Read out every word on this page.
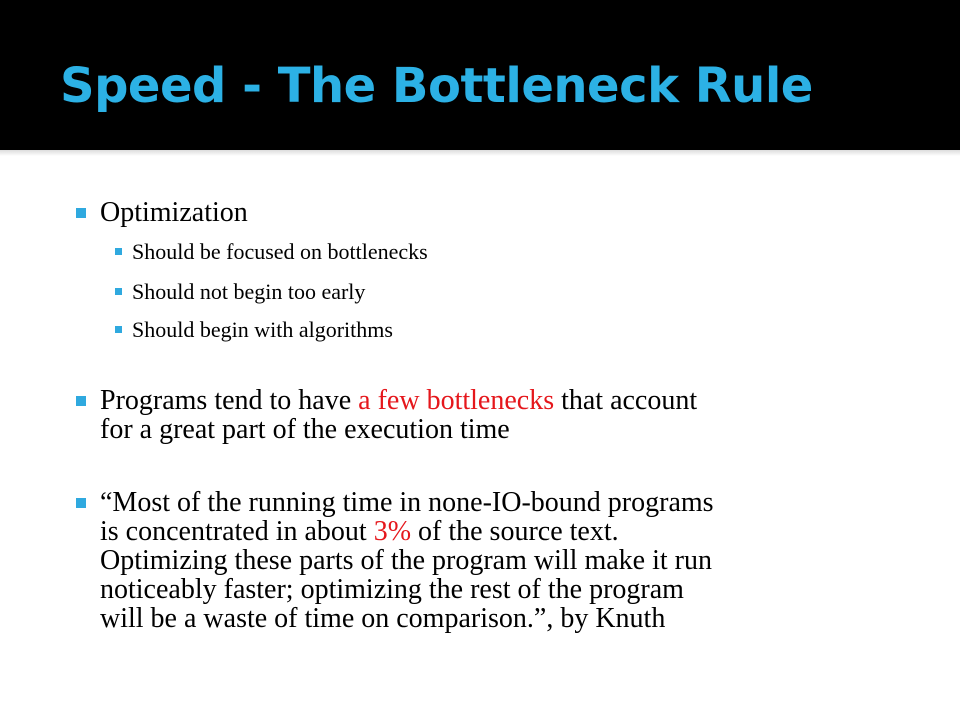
Speed - The Bottleneck Rule
Optimization
Should be focused on bottlenecks
Should not begin too early
Should begin with algorithms
Programs tend to have a few bottlenecks that account
for a great part of the execution time
“Most of the running time in none-IO-bound programs
is concentrated in about 3% of the source text.
Optimizing these parts of the program will make it run
noticeably faster; optimizing the rest of the program
will be a waste of time on comparison.”, by Knuth
